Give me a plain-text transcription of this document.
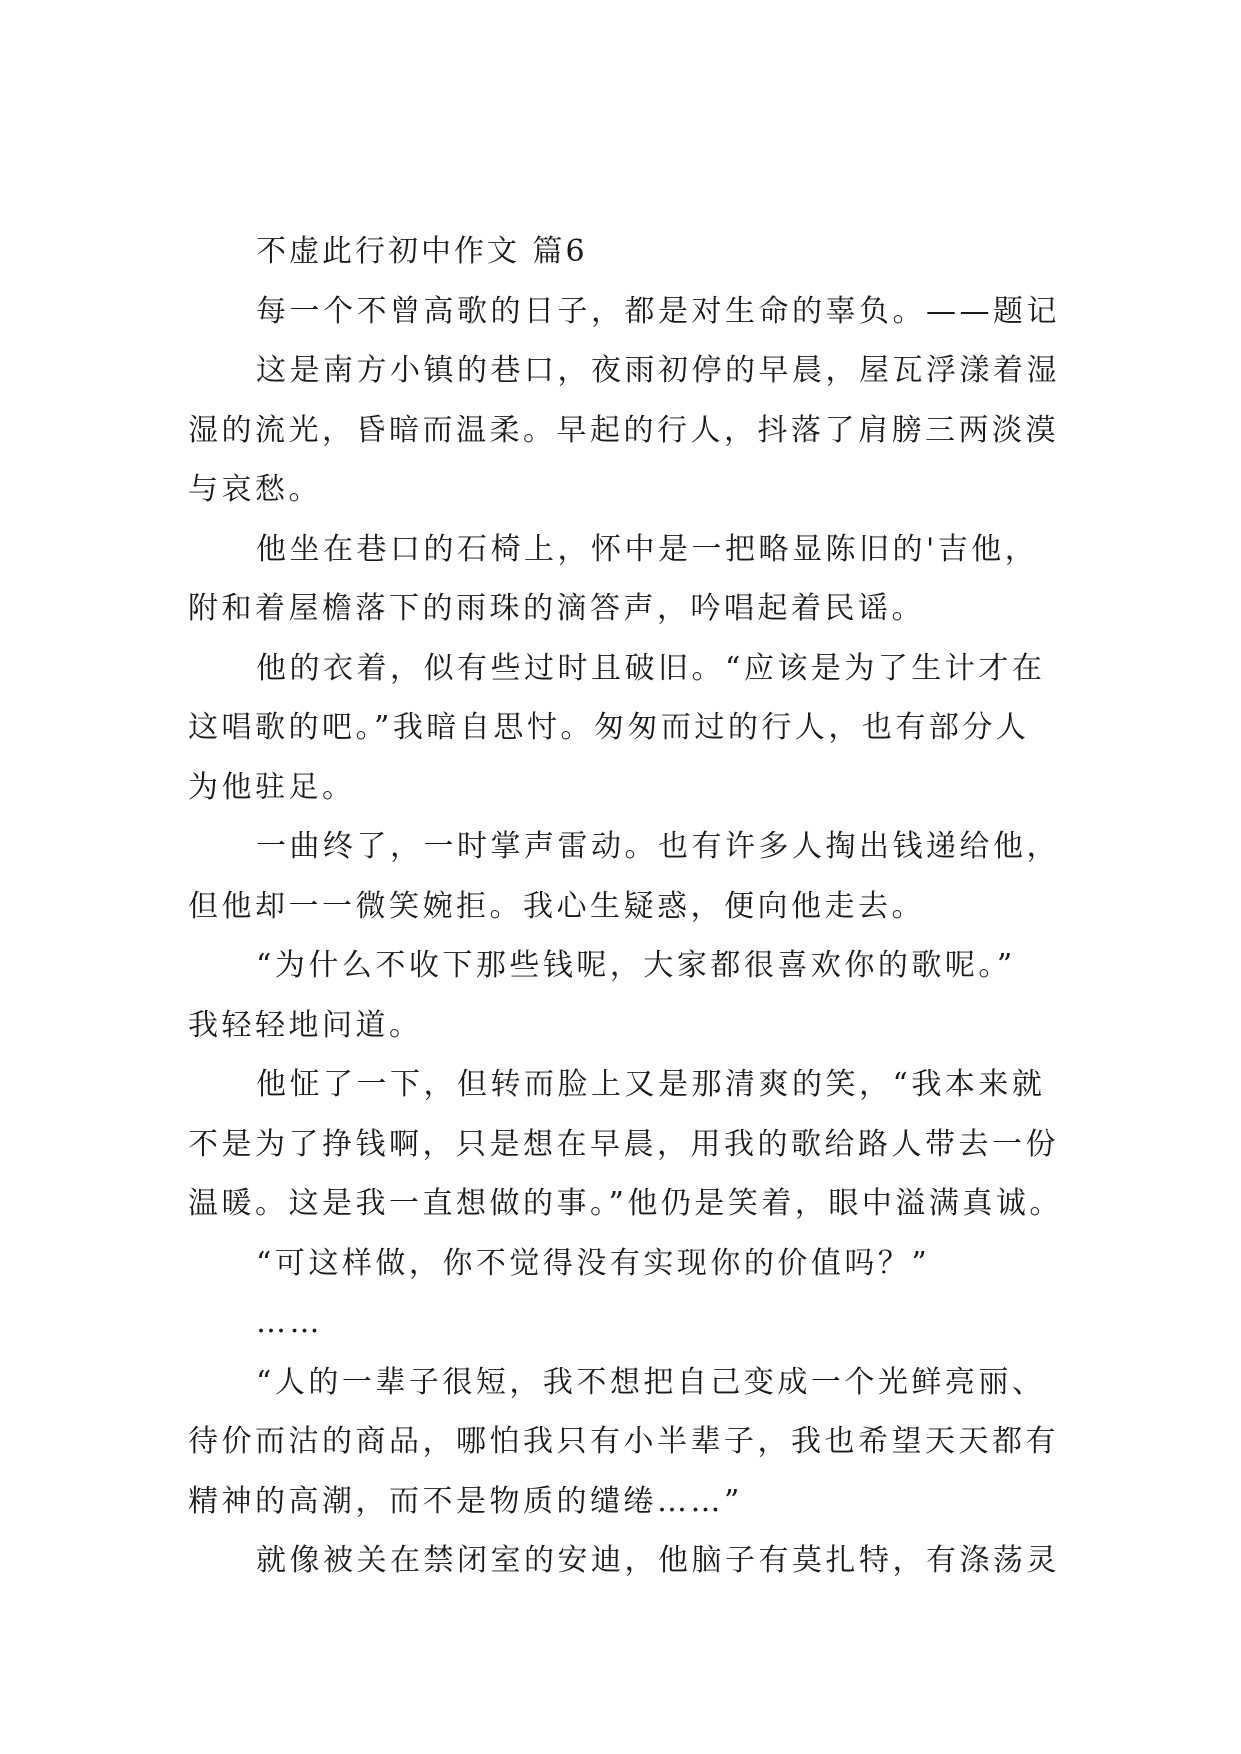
不虚此行初中作文 篇6
每一个不曾高歌的日子，都是对生命的辜负。——题记
这是南方小镇的巷口，夜雨初停的早晨，屋瓦浮漾着湿
湿的流光，昏暗而温柔。早起的行人，抖落了肩膀三两淡漠
与哀愁。
他坐在巷口的石椅上，怀中是一把略显陈旧的'吉他，
附和着屋檐落下的雨珠的滴答声，吟唱起着民谣。
他的衣着，似有些过时且破旧。“应该是为了生计才在
这唱歌的吧。”我暗自思忖。匆匆而过的行人，也有部分人
为他驻足。
一曲终了，一时掌声雷动。也有许多人掏出钱递给他，
但他却一一微笑婉拒。我心生疑惑，便向他走去。
“为什么不收下那些钱呢，大家都很喜欢你的歌呢。”
我轻轻地问道。
他怔了一下，但转而脸上又是那清爽的笑，“我本来就
不是为了挣钱啊，只是想在早晨，用我的歌给路人带去一份
温暖。这是我一直想做的事。”他仍是笑着，眼中溢满真诚。
“可这样做，你不觉得没有实现你的价值吗？”
……
“人的一辈子很短，我不想把自己变成一个光鲜亮丽、
待价而沽的商品，哪怕我只有小半辈子，我也希望天天都有
精神的高潮，而不是物质的缱绻……”
就像被关在禁闭室的安迪，他脑子有莫扎特，有涤荡灵
